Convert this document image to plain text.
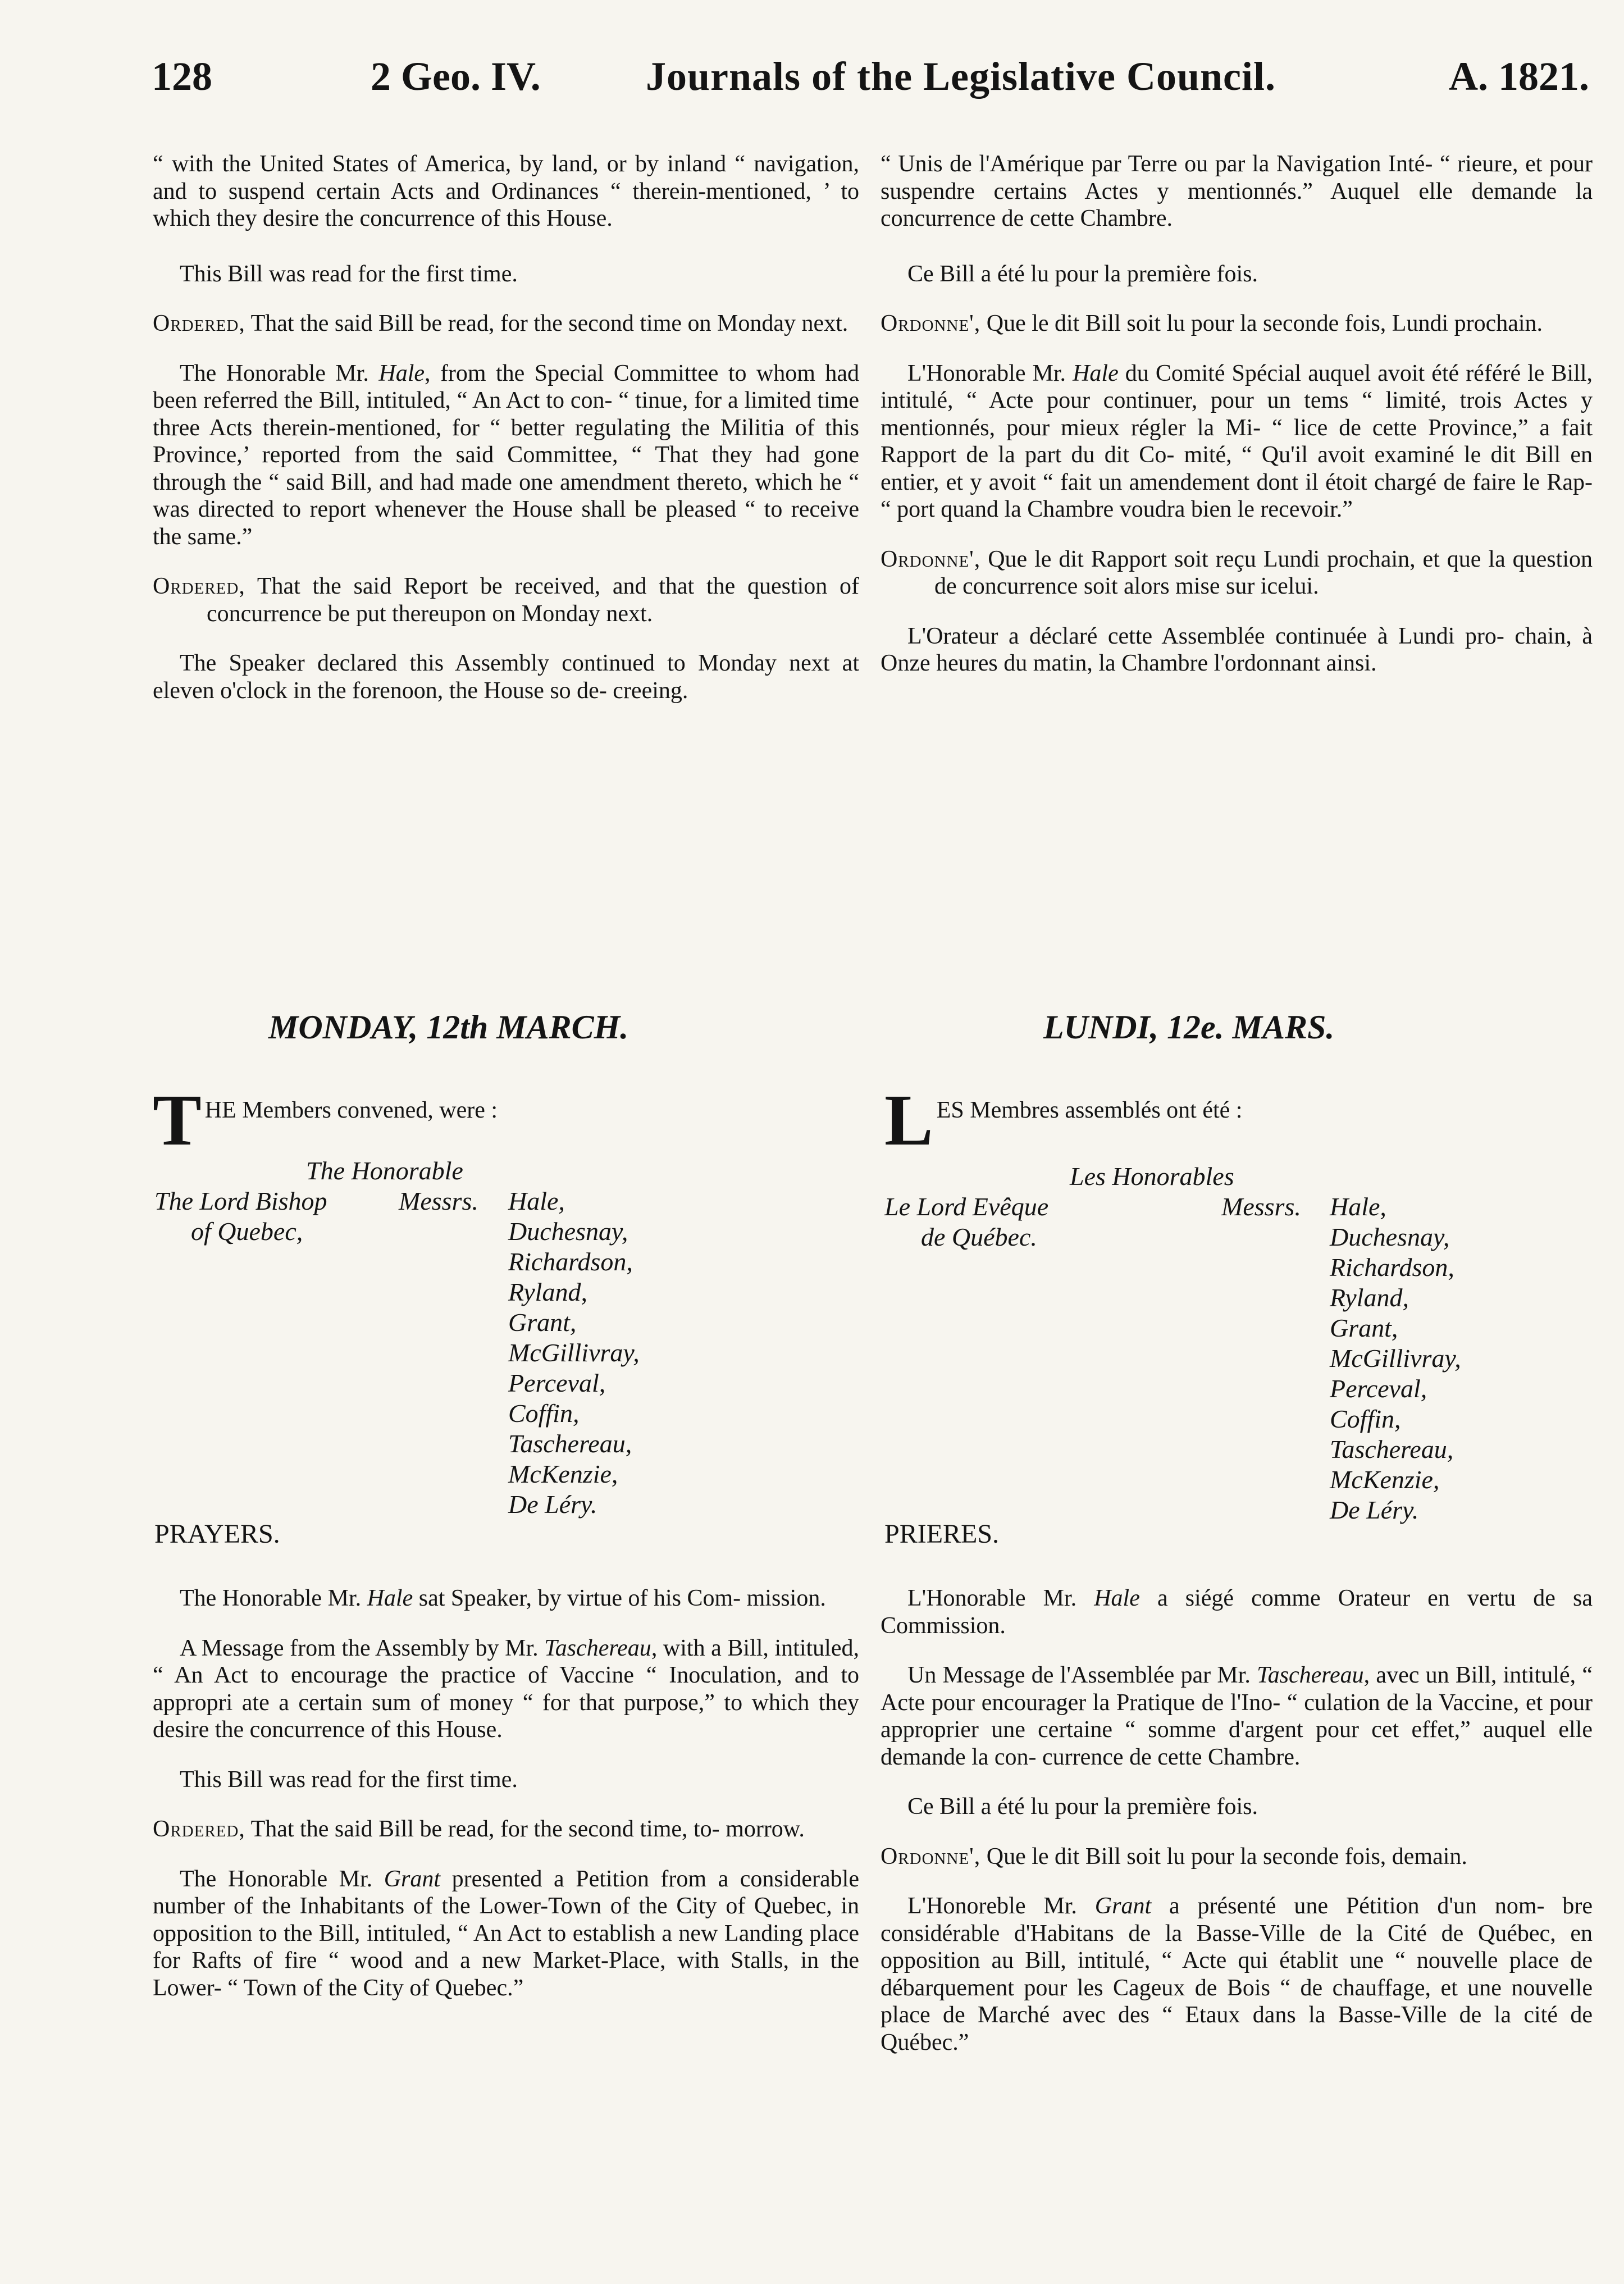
128	2 Geo. IV.	Journals of the Legislative Council.	A. 1821.

“ with the United States of America, by land, or by inland “ navigation, and to suspend certain Acts and Ordinances “ therein-mentioned, ’ to which they desire the concurrence of this House.

This Bill was read for the first time.

Ordered, That the said Bill be read, for the second time on Monday next.

The Honorable Mr. Hale, from the Special Committee to whom had been referred the Bill, intituled, “ An Act to con- “ tinue, for a limited time three Acts therein-mentioned, for “ better regulating the Militia of this Province,’ reported from the said Committee, “ That they had gone through the “ said Bill, and had made one amendment thereto, which he “ was directed to report whenever the House shall be pleased “ to receive the same.”

Ordered, That the said Report be received, and that the question of concurrence be put thereupon on Monday next.

The Speaker declared this Assembly continued to Monday next at eleven o'clock in the forenoon, the House so de- creeing.

“ Unis de l'Amérique par Terre ou par la Navigation Inté- “ rieure, et pour suspendre certains Actes y mentionnés.” Auquel elle demande la concurrence de cette Chambre.

Ce Bill a été lu pour la première fois.

Ordonne', Que le dit Bill soit lu pour la seconde fois, Lundi prochain.

L'Honorable Mr. Hale du Comité Spécial auquel avoit été référé le Bill, intitulé, “ Acte pour continuer, pour un tems “ limité, trois Actes y mentionnés, pour mieux régler la Mi- “ lice de cette Province,” a fait Rapport de la part du dit Co- mité, “ Qu'il avoit examiné le dit Bill en entier, et y avoit “ fait un amendement dont il étoit chargé de faire le Rap- “ port quand la Chambre voudra bien le recevoir.”

Ordonne', Que le dit Rapport soit reçu Lundi prochain, et que la question de concurrence soit alors mise sur icelui.

L'Orateur a déclaré cette Assemblée continuée à Lundi pro- chain, à Onze heures du matin, la Chambre l'ordonnant ainsi.

MONDAY, 12th MARCH.	LUNDI, 12e. MARS.
THE Members convened, were :	LES Membres assemblés ont été :
The Honorable
The Lord Bishop
of Quebec,
Messrs. Hale,
Duchesnay,
Richardson,
Ryland,
Grant,
McGillivray,
Perceval,
Coffin,
Taschereau,
McKenzie,
De Léry.
Les Honorables
Le Lord Evêque
de Québec.
Messrs. Hale,
Duchesnay,
Richardson,
Ryland,
Grant,
McGillivray,
Perceval,
Coffin,
Taschereau,
McKenzie,
De Léry.
PRAYERS.	PRIERES.

The Honorable Mr. Hale sat Speaker, by virtue of his Com- mission.

A Message from the Assembly by Mr. Taschereau, with a Bill, intituled, “ An Act to encourage the practice of Vaccine “ Inoculation, and to appropri ate a certain sum of money “ for that purpose,” to which they desire the concurrence of this House.

This Bill was read for the first time.

Ordered, That the said Bill be read, for the second time, to- morrow.

The Honorable Mr. Grant presented a Petition from a considerable number of the Inhabitants of the Lower-Town of the City of Quebec, in opposition to the Bill, intituled, “ An Act to establish a new Landing place for Rafts of fire “ wood and a new Market-Place, with Stalls, in the Lower- “ Town of the City of Quebec.”

L'Honorable Mr. Hale a siégé comme Orateur en vertu de sa Commission.

Un Message de l'Assemblée par Mr. Taschereau, avec un Bill, intitulé, “ Acte pour encourager la Pratique de l'Ino- “ culation de la Vaccine, et pour approprier une certaine “ somme d'argent pour cet effet,” auquel elle demande la con- currence de cette Chambre.

Ce Bill a été lu pour la première fois.

Ordonne', Que le dit Bill soit lu pour la seconde fois, demain.

L'Honoreble Mr. Grant a présenté une Pétition d'un nom- bre considérable d'Habitans de la Basse-Ville de la Cité de Québec, en opposition au Bill, intitulé, “ Acte qui établit une “ nouvelle place de débarquement pour les Cageux de Bois “ de chauffage, et une nouvelle place de Marché avec des “ Etaux dans la Basse-Ville de la cité de Québec.”
